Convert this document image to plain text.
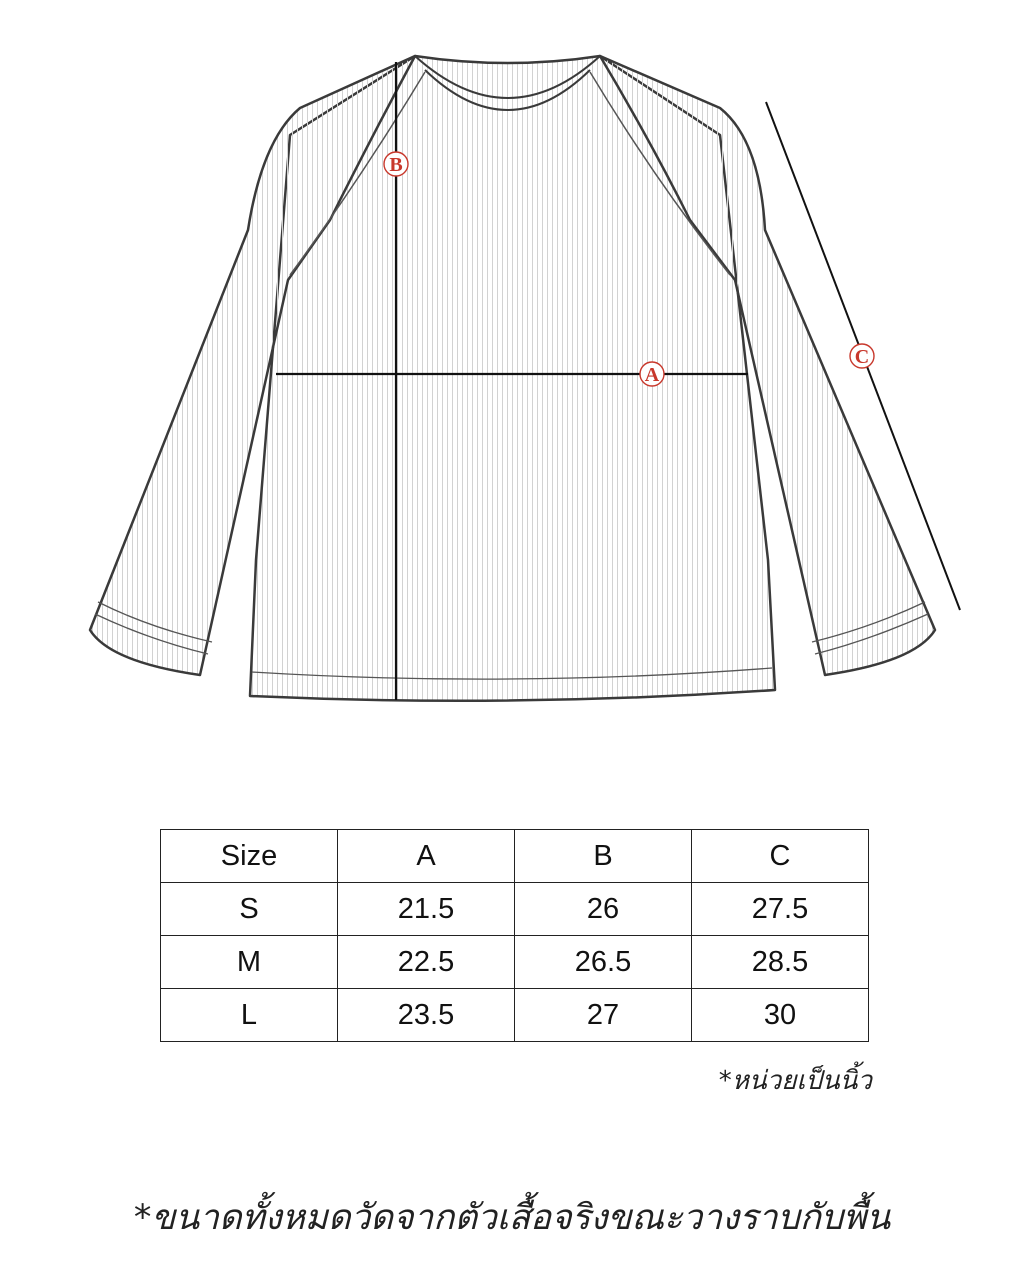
A
B
C
Size	A	B	C
S	21.5	26	27.5
M	22.5	26.5	28.5
L	23.5	27	30
*หน่วยเป็นนิ้ว
*ขนาดทั้งหมดวัดจากตัวเสื้อจริงขณะวางราบกับพื้น
